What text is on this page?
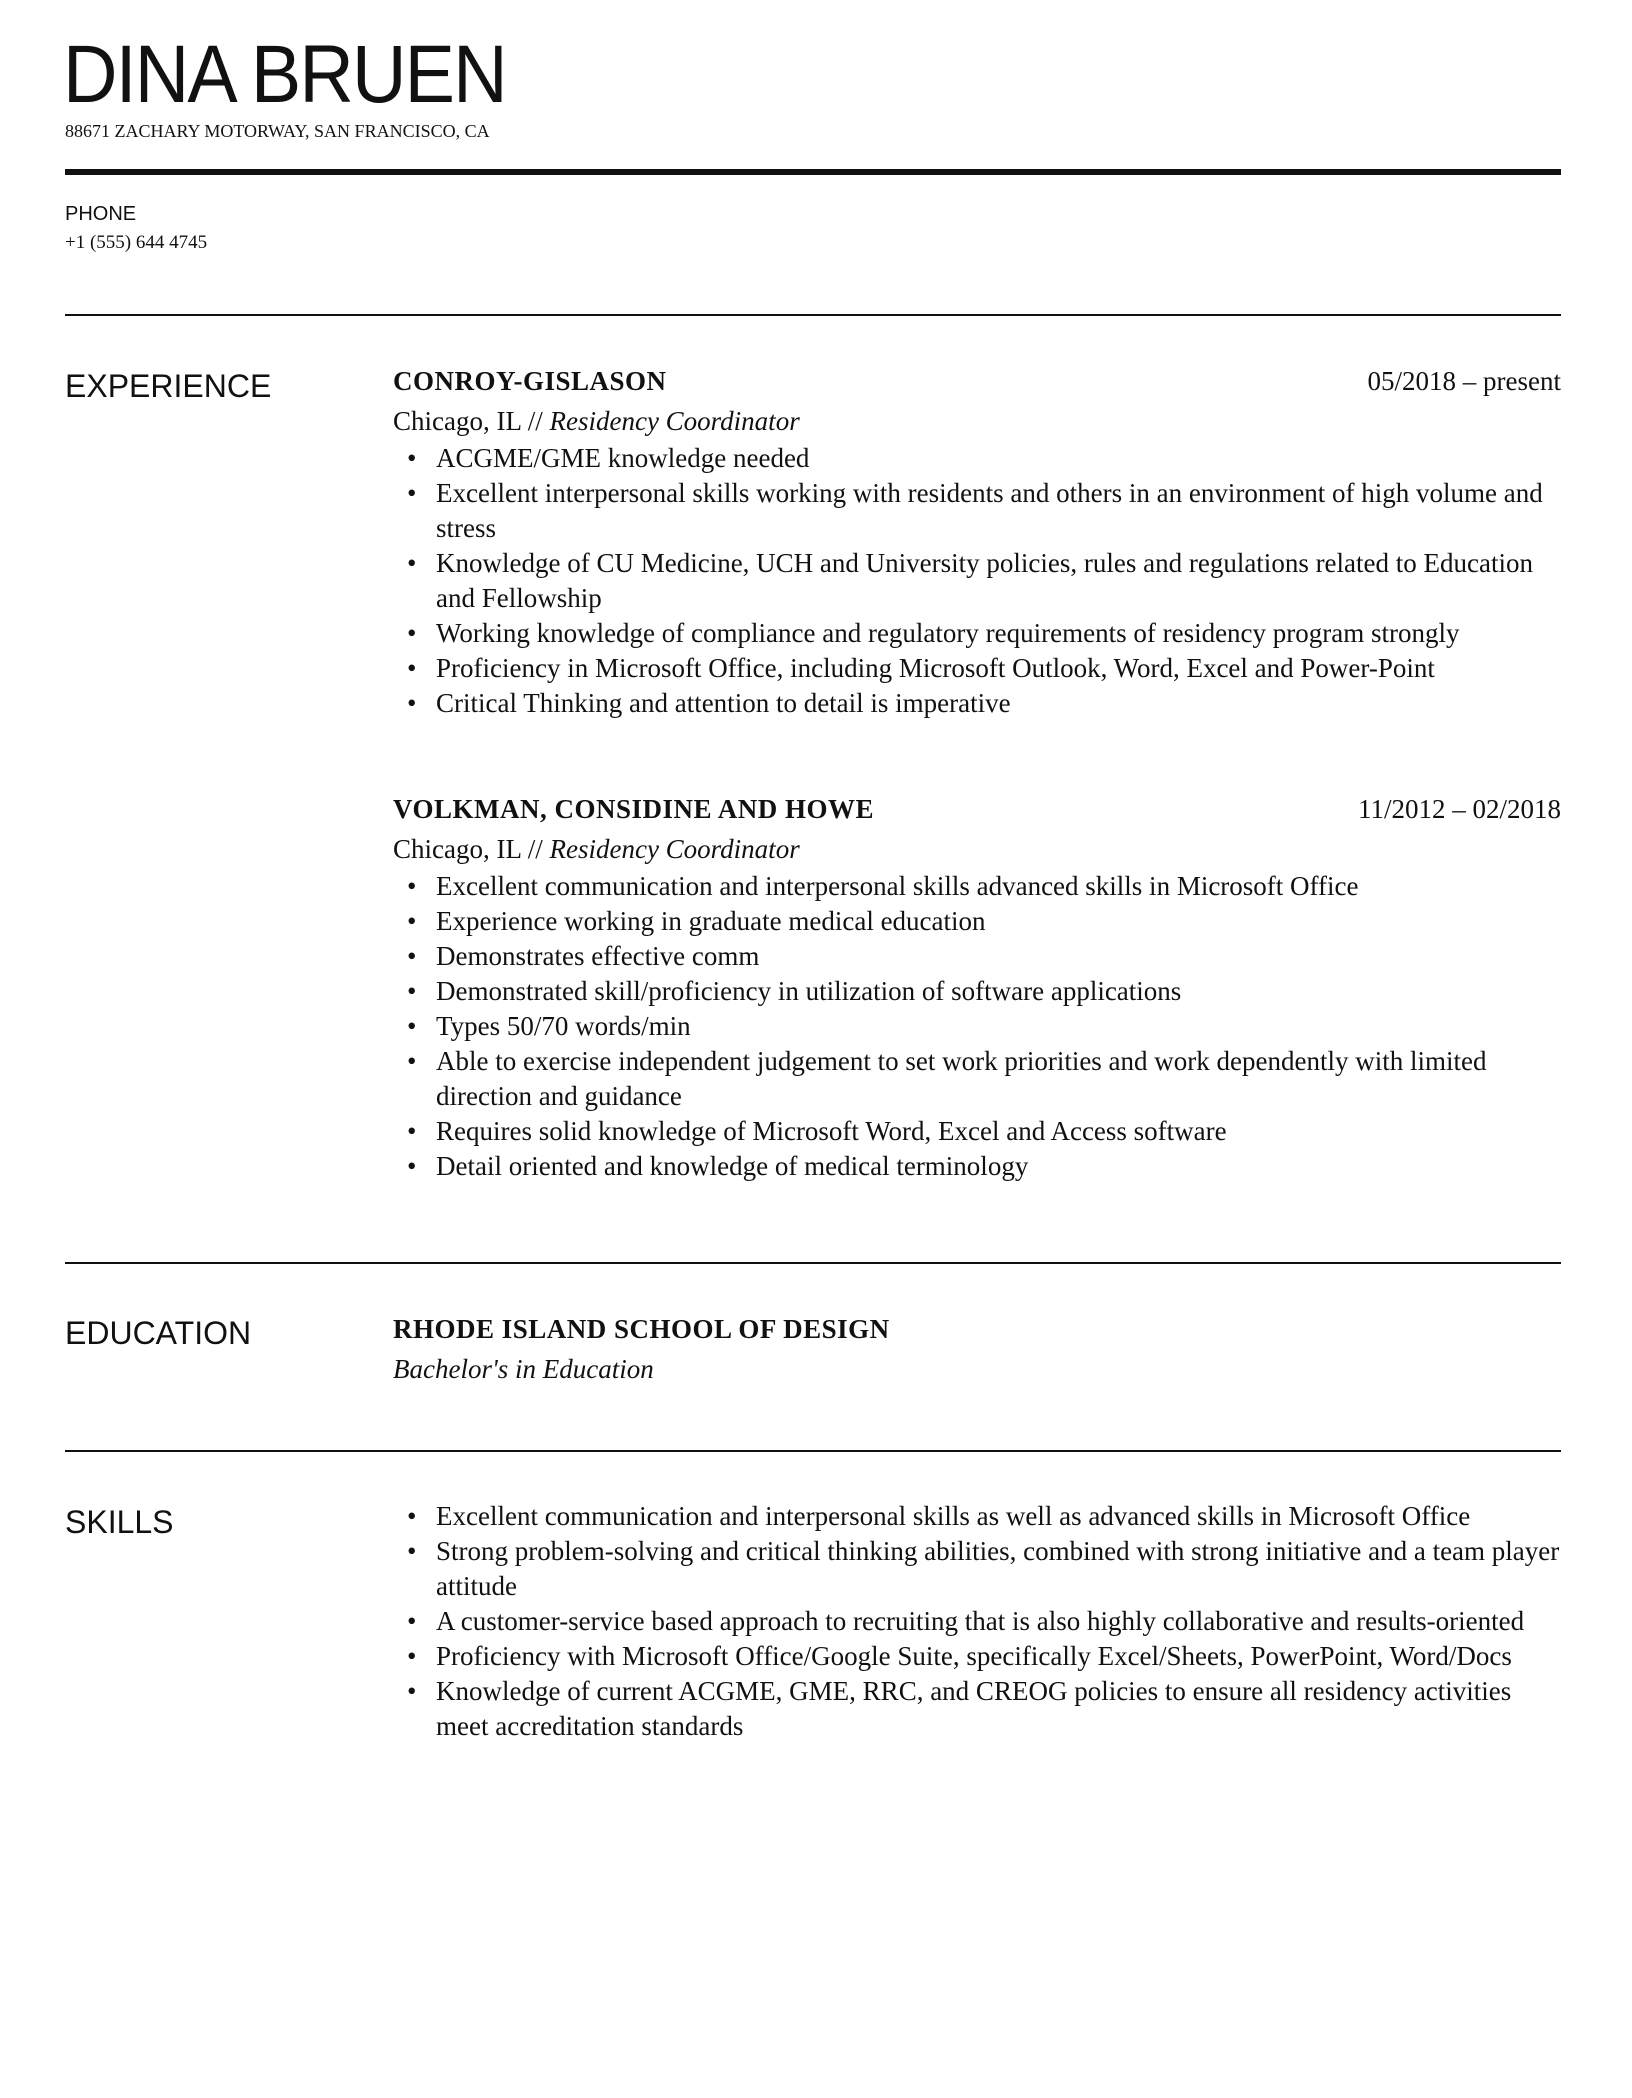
DINA BRUEN
88671 ZACHARY MOTORWAY, SAN FRANCISCO, CA
PHONE
+1 (555) 644 4745
EXPERIENCE	CONROY-GISLASON	05/2018 – present
Chicago, IL // Residency Coordinator
• ACGME/GME knowledge needed
• Excellent interpersonal skills working with residents and others in an environment of high volume and stress
• Knowledge of CU Medicine, UCH and University policies, rules and regulations related to Education and Fellowship
• Working knowledge of compliance and regulatory requirements of residency program strongly
• Proficiency in Microsoft Office, including Microsoft Outlook, Word, Excel and Power-Point
• Critical Thinking and attention to detail is imperative
VOLKMAN, CONSIDINE AND HOWE	11/2012 – 02/2018
Chicago, IL // Residency Coordinator
• Excellent communication and interpersonal skills advanced skills in Microsoft Office
• Experience working in graduate medical education
• Demonstrates effective comm
• Demonstrated skill/proficiency in utilization of software applications
• Types 50/70 words/min
• Able to exercise independent judgement to set work priorities and work dependently with limited direction and guidance
• Requires solid knowledge of Microsoft Word, Excel and Access software
• Detail oriented and knowledge of medical terminology
EDUCATION	RHODE ISLAND SCHOOL OF DESIGN
Bachelor's in Education
SKILLS	• Excellent communication and interpersonal skills as well as advanced skills in Microsoft Office
• Strong problem-solving and critical thinking abilities, combined with strong initiative and a team player attitude
• A customer-service based approach to recruiting that is also highly collaborative and results-oriented
• Proficiency with Microsoft Office/Google Suite, specifically Excel/Sheets, PowerPoint, Word/Docs
• Knowledge of current ACGME, GME, RRC, and CREOG policies to ensure all residency activities meet accreditation standards
